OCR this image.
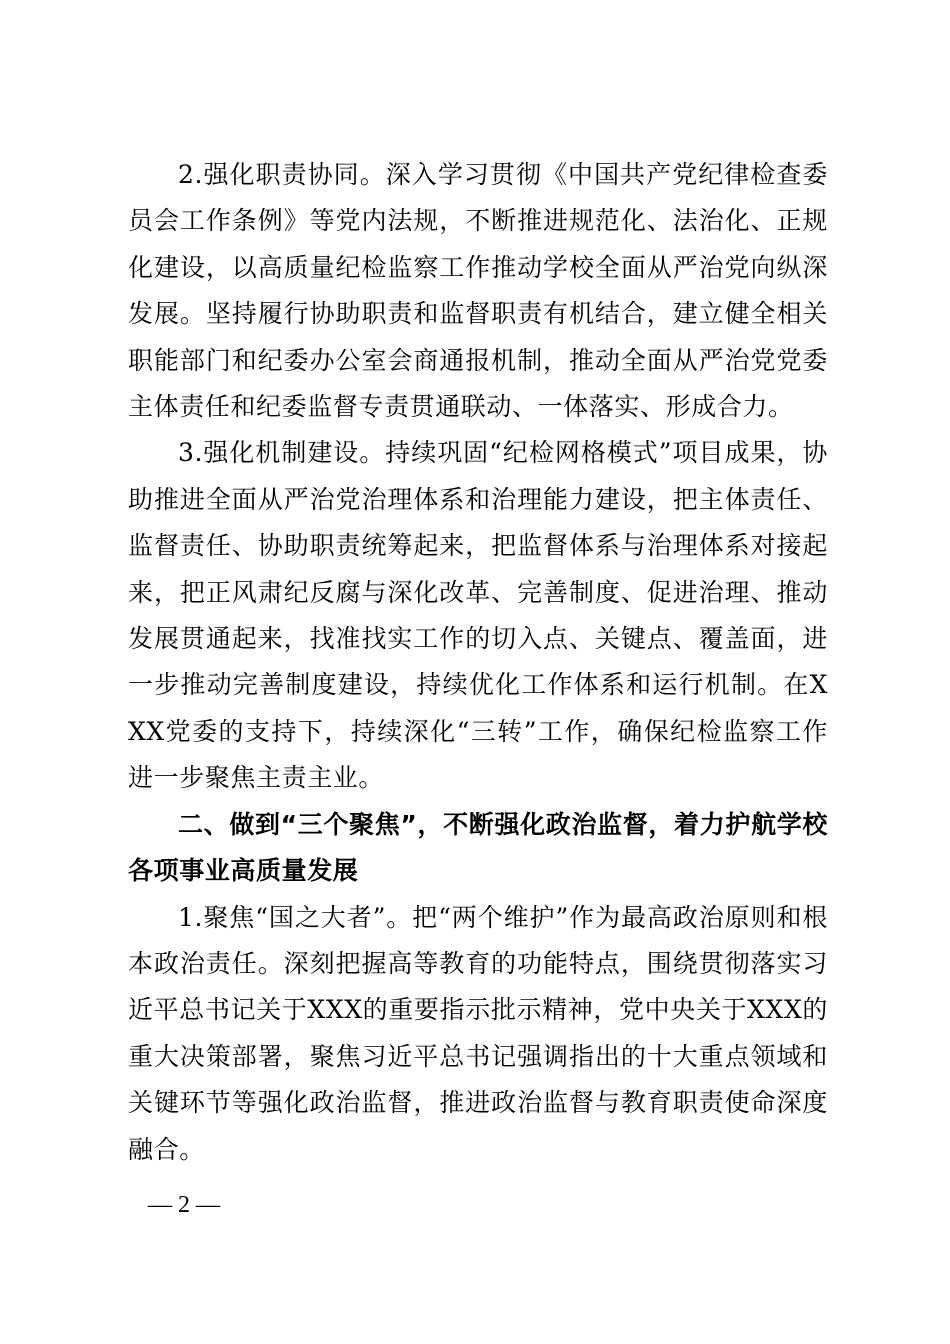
2.强化职责协同。深入学习贯彻《中国共产党纪律检查委员会工作条例》等党内法规，不断推进规范化、法治化、正规化建设，以高质量纪检监察工作推动学校全面从严治党向纵深发展。坚持履行协助职责和监督职责有机结合，建立健全相关职能部门和纪委办公室会商通报机制，推动全面从严治党党委主体责任和纪委监督专责贯通联动、一体落实、形成合力。

3.强化机制建设。持续巩固“纪检网格模式”项目成果，协助推进全面从严治党治理体系和治理能力建设，把主体责任、监督责任、协助职责统筹起来，把监督体系与治理体系对接起来，把正风肃纪反腐与深化改革、完善制度、促进治理、推动发展贯通起来，找准找实工作的切入点、关键点、覆盖面，进一步推动完善制度建设，持续优化工作体系和运行机制。在XXX党委的支持下，持续深化“三转”工作，确保纪检监察工作进一步聚焦主责主业。

二、做到“三个聚焦”，不断强化政治监督，着力护航学校各项事业高质量发展

1.聚焦“国之大者”。把“两个维护”作为最高政治原则和根本政治责任。深刻把握高等教育的功能特点，围绕贯彻落实习近平总书记关于XXX的重要指示批示精神，党中央关于XXX的重大决策部署，聚焦习近平总书记强调指出的十大重点领域和关键环节等强化政治监督，推进政治监督与教育职责使命深度融合。

— 2 —
